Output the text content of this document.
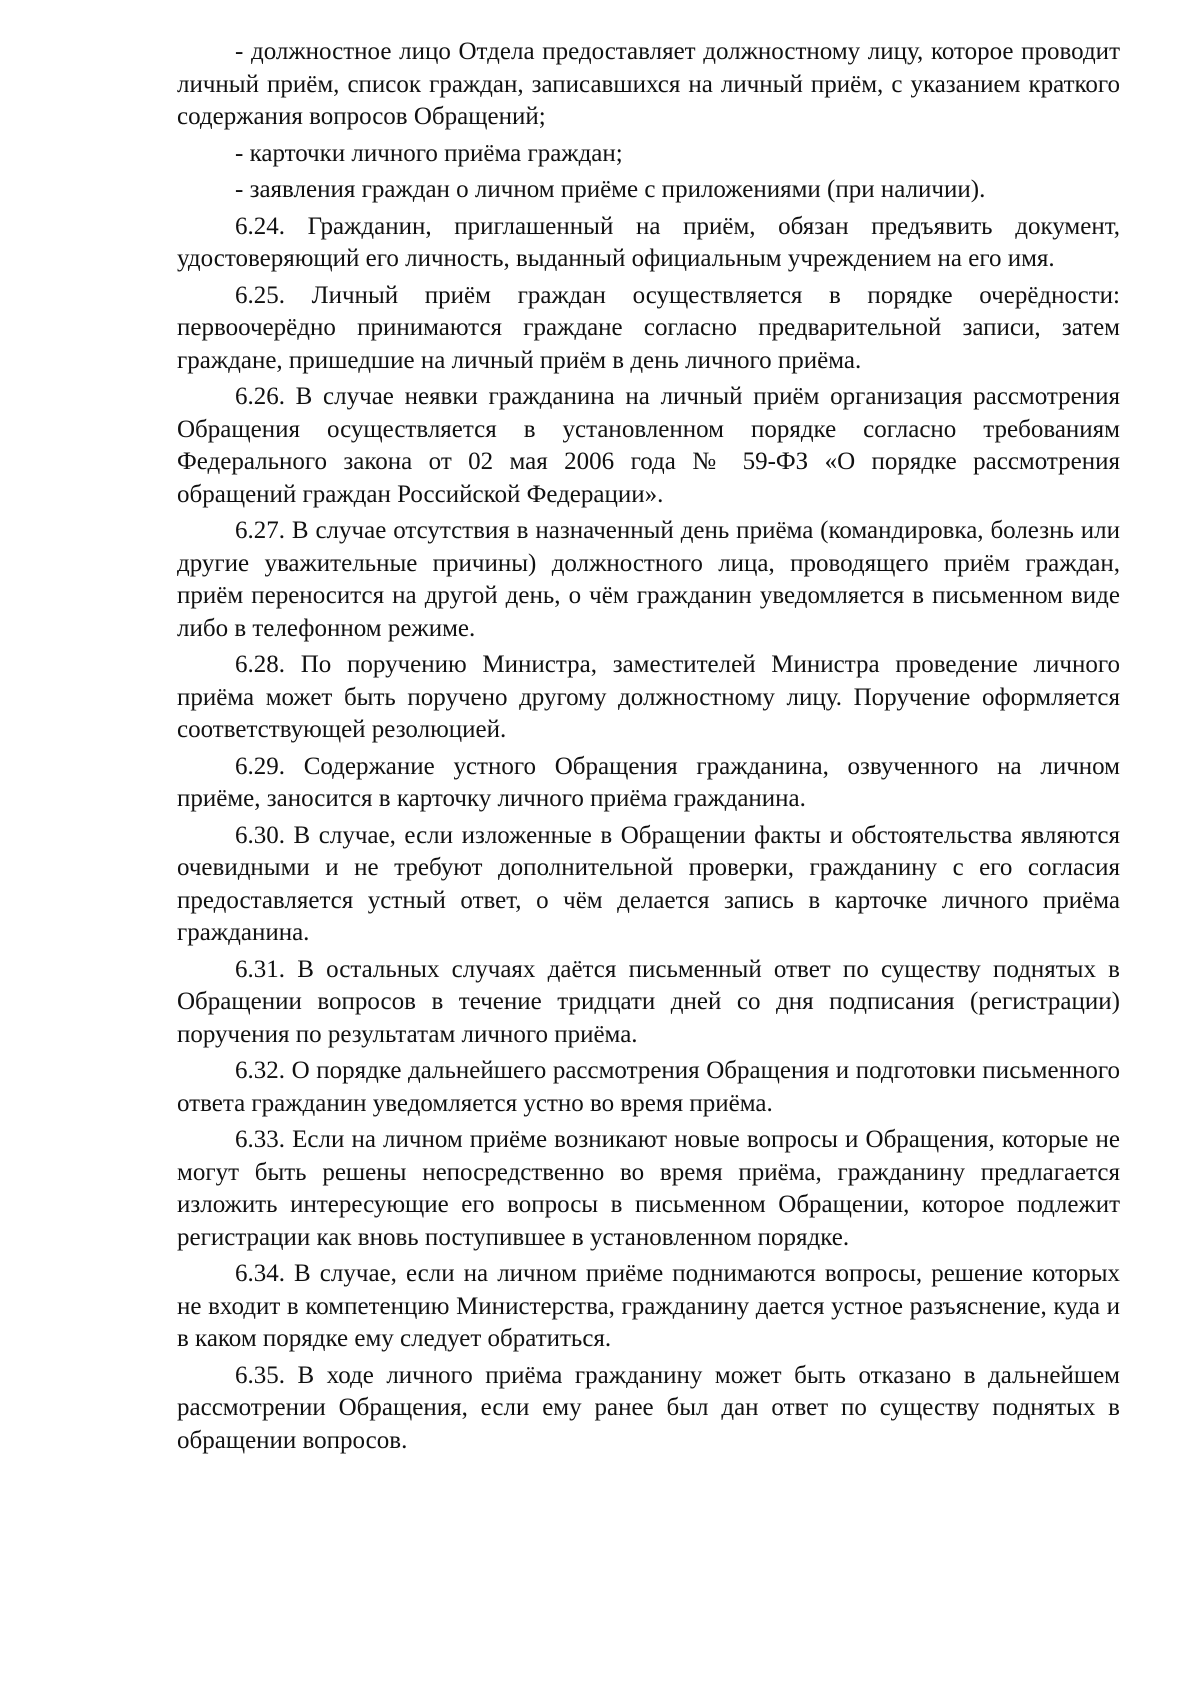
- должностное лицо Отдела предоставляет должностному лицу, которое проводит личный приём, список граждан, записавшихся на личный приём, с указанием краткого содержания вопросов Обращений;

- карточки личного приёма граждан;

- заявления граждан о личном приёме с приложениями (при наличии).

6.24. Гражданин, приглашенный на приём, обязан предъявить документ, удостоверяющий его личность, выданный официальным учреждением на его имя.

6.25. Личный приём граждан осуществляется в порядке очерёдности: первоочерёдно принимаются граждане согласно предварительной записи, затем граждане, пришедшие на личный приём в день личного приёма.

6.26. В случае неявки гражданина на личный приём организация рассмотрения Обращения осуществляется в установленном порядке согласно требованиям Федерального закона от 02 мая 2006 года № 59-ФЗ «О порядке рассмотрения обращений граждан Российской Федерации».

6.27. В случае отсутствия в назначенный день приёма (командировка, болезнь или другие уважительные причины) должностного лица, проводящего приём граждан, приём переносится на другой день, о чём гражданин уведомляется в письменном виде либо в телефонном режиме.

6.28. По поручению Министра, заместителей Министра проведение личного приёма может быть поручено другому должностному лицу. Поручение оформляется соответствующей резолюцией.

6.29. Содержание устного Обращения гражданина, озвученного на личном приёме, заносится в карточку личного приёма гражданина.

6.30. В случае, если изложенные в Обращении факты и обстоятельства являются очевидными и не требуют дополнительной проверки, гражданину с его согласия предоставляется устный ответ, о чём делается запись в карточке личного приёма гражданина.

6.31. В остальных случаях даётся письменный ответ по существу поднятых в Обращении вопросов в течение тридцати дней со дня подписания (регистрации) поручения по результатам личного приёма.

6.32. О порядке дальнейшего рассмотрения Обращения и подготовки письменного ответа гражданин уведомляется устно во время приёма.

6.33. Если на личном приёме возникают новые вопросы и Обращения, которые не могут быть решены непосредственно во время приёма, гражданину предлагается изложить интересующие его вопросы в письменном Обращении, которое подлежит регистрации как вновь поступившее в установленном порядке.

6.34. В случае, если на личном приёме поднимаются вопросы, решение которых не входит в компетенцию Министерства, гражданину дается устное разъяснение, куда и в каком порядке ему следует обратиться.

6.35. В ходе личного приёма гражданину может быть отказано в дальнейшем рассмотрении Обращения, если ему ранее был дан ответ по существу поднятых в обращении вопросов.
